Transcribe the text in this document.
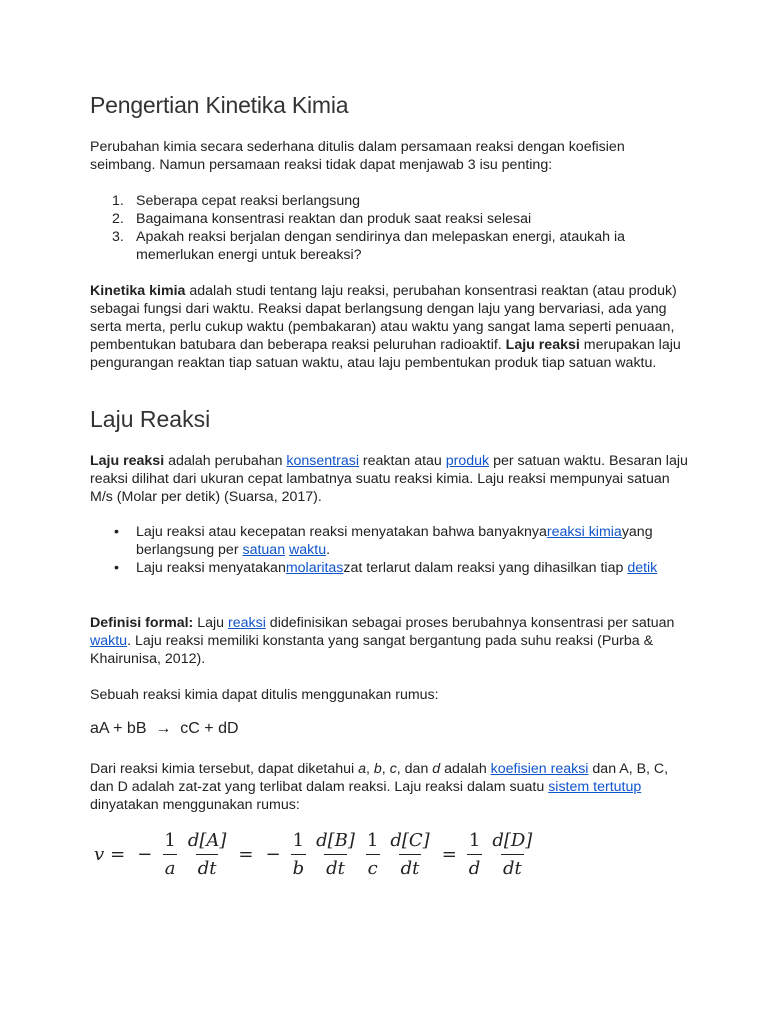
Pengertian Kinetika Kimia

Perubahan kimia secara sederhana ditulis dalam persamaan reaksi dengan koefisien seimbang. Namun persamaan reaksi tidak dapat menjawab 3 isu penting:

1. Seberapa cepat reaksi berlangsung
2. Bagaimana konsentrasi reaktan dan produk saat reaksi selesai
3. Apakah reaksi berjalan dengan sendirinya dan melepaskan energi, ataukah ia memerlukan energi untuk bereaksi?

Kinetika kimia adalah studi tentang laju reaksi, perubahan konsentrasi reaktan (atau produk) sebagai fungsi dari waktu. Reaksi dapat berlangsung dengan laju yang bervariasi, ada yang serta merta, perlu cukup waktu (pembakaran) atau waktu yang sangat lama seperti penuaan, pembentukan batubara dan beberapa reaksi peluruhan radioaktif. Laju reaksi merupakan laju pengurangan reaktan tiap satuan waktu, atau laju pembentukan produk tiap satuan waktu.

Laju Reaksi

Laju reaksi adalah perubahan konsentrasi reaktan atau produk per satuan waktu. Besaran laju reaksi dilihat dari ukuran cepat lambatnya suatu reaksi kimia. Laju reaksi mempunyai satuan M/s (Molar per detik) (Suarsa, 2017).

• Laju reaksi atau kecepatan reaksi menyatakan bahwa banyaknyareaksi kimiayang berlangsung per satuan waktu.
• Laju reaksi menyatakanmolaritaszat terlarut dalam reaksi yang dihasilkan tiap detik

Definisi formal: Laju reaksi didefinisikan sebagai proses berubahnya konsentrasi per satuan waktu. Laju reaksi memiliki konstanta yang sangat bergantung pada suhu reaksi (Purba & Khairunisa, 2012).

Sebuah reaksi kimia dapat ditulis menggunakan rumus:

aA + bB  →  cC + dD

Dari reaksi kimia tersebut, dapat diketahui a, b, c, dan d adalah koefisien reaksi dan A, B, C, dan D adalah zat-zat yang terlibat dalam reaksi. Laju reaksi dalam suatu sistem tertutup dinyatakan menggunakan rumus:

v = − $\frac{1}{a} \frac{d[A]}{dt}$ = − $\frac{1}{b} \frac{d[B]}{dt} \frac{1}{c} \frac{d[C]}{dt} = \frac{1}{d} \frac{d[D]}{dt}$
